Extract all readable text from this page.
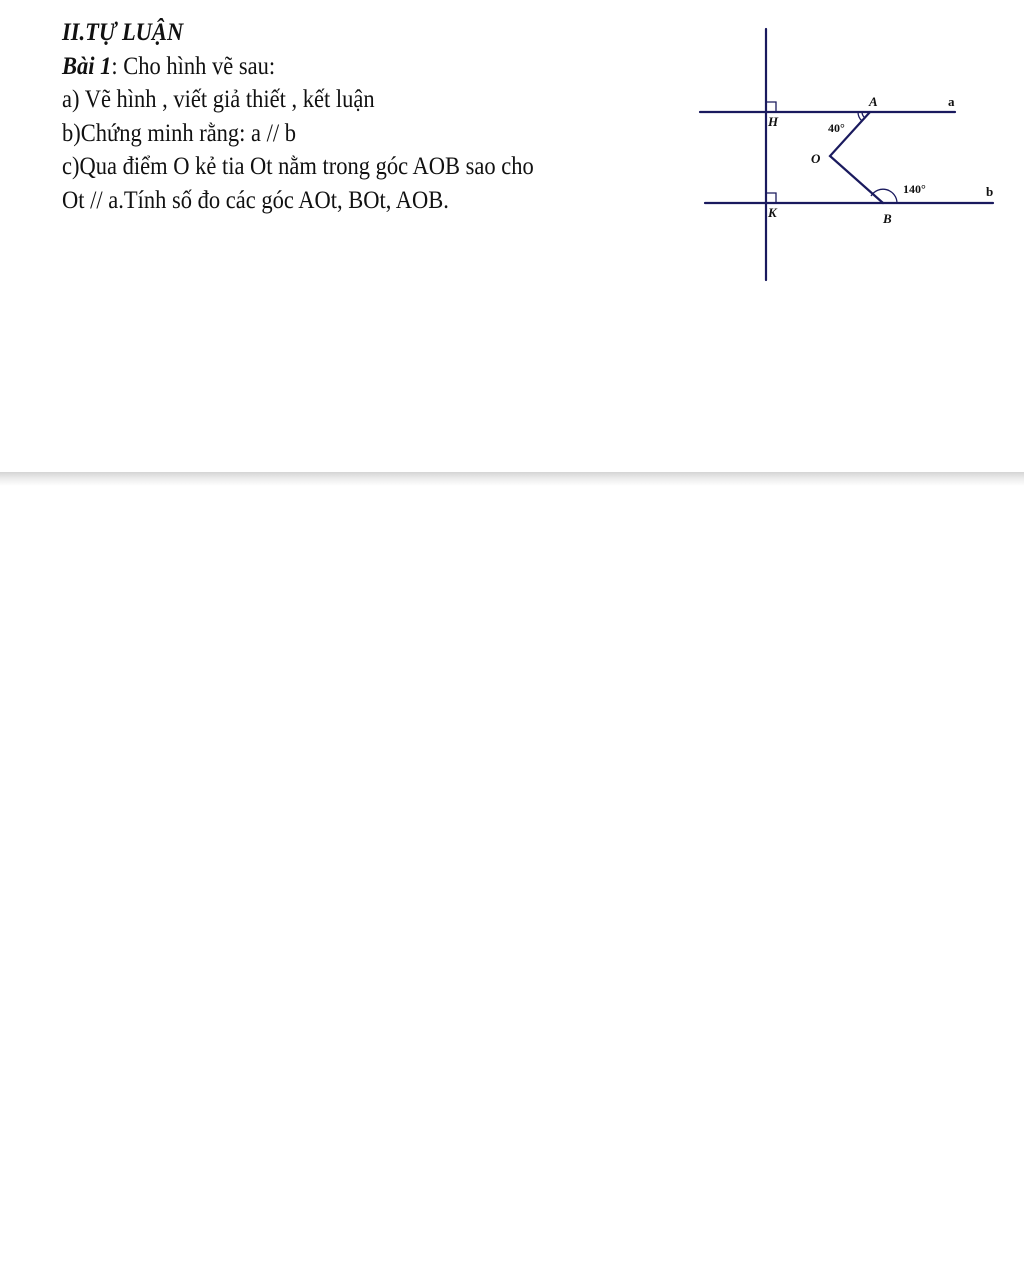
II.TỰ LUẬN
Bài 1: Cho hình vẽ sau:
a) Vẽ hình , viết giả thiết , kết luận
b)Chứng minh rằng: a // b
c)Qua điểm O kẻ tia Ot nằm trong góc AOB sao cho
Ot // a.Tính số đo các góc AOt, BOt, AOB.
A	a
H	40°
O
140°	b
K	B
